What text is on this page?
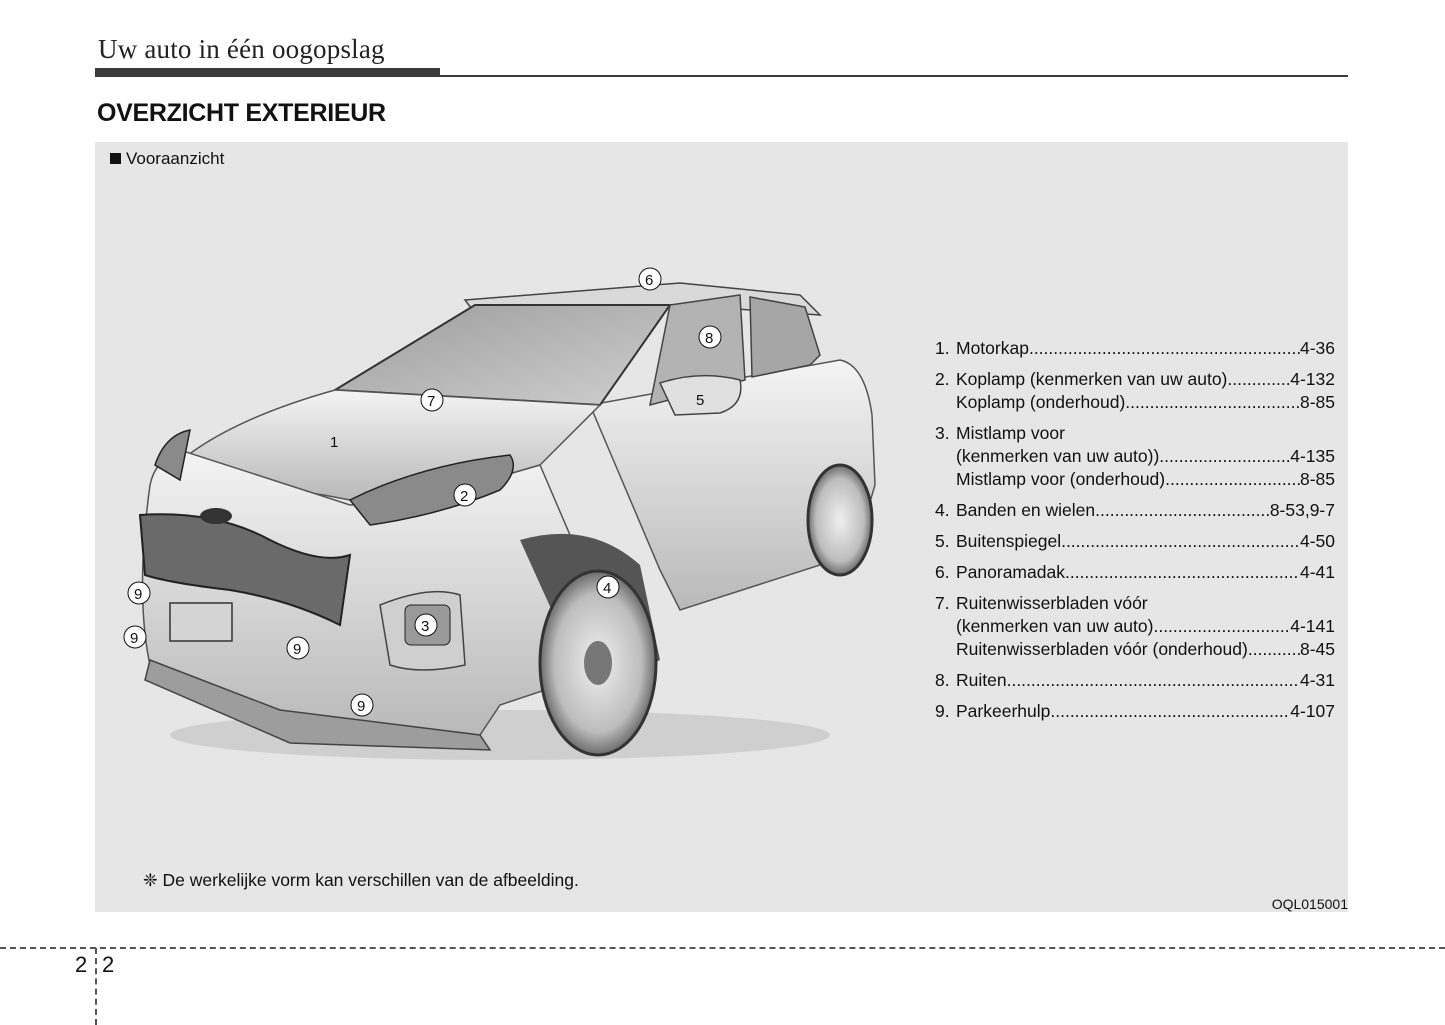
Uw auto in één oogopslag
OVERZICHT EXTERIEUR
Vooraanzicht
1
2
3
4
5
6
7
8
9
9
9
9
1. Motorkap .....	4-36
2. Koplamp (kenmerken van uw auto) .....	4-132
Koplamp (onderhoud) .....	8-85
3. Mistlamp voor
(kenmerken van uw auto)) .....	4-135
Mistlamp voor (onderhoud) .....	8-85
4. Banden en wielen .....	8-53,9-7
5. Buitenspiegel .....	4-50
6. Panoramadak .....	4-41
7. Ruitenwisserbladen vóór
(kenmerken van uw auto) .....	4-141
Ruitenwisserbladen vóór (onderhoud) .....	8-45
8. Ruiten .....	4-31
9. Parkeerhulp .....	4-107
❈ De werkelijke vorm kan verschillen van de afbeelding.
OQL015001
2 2
